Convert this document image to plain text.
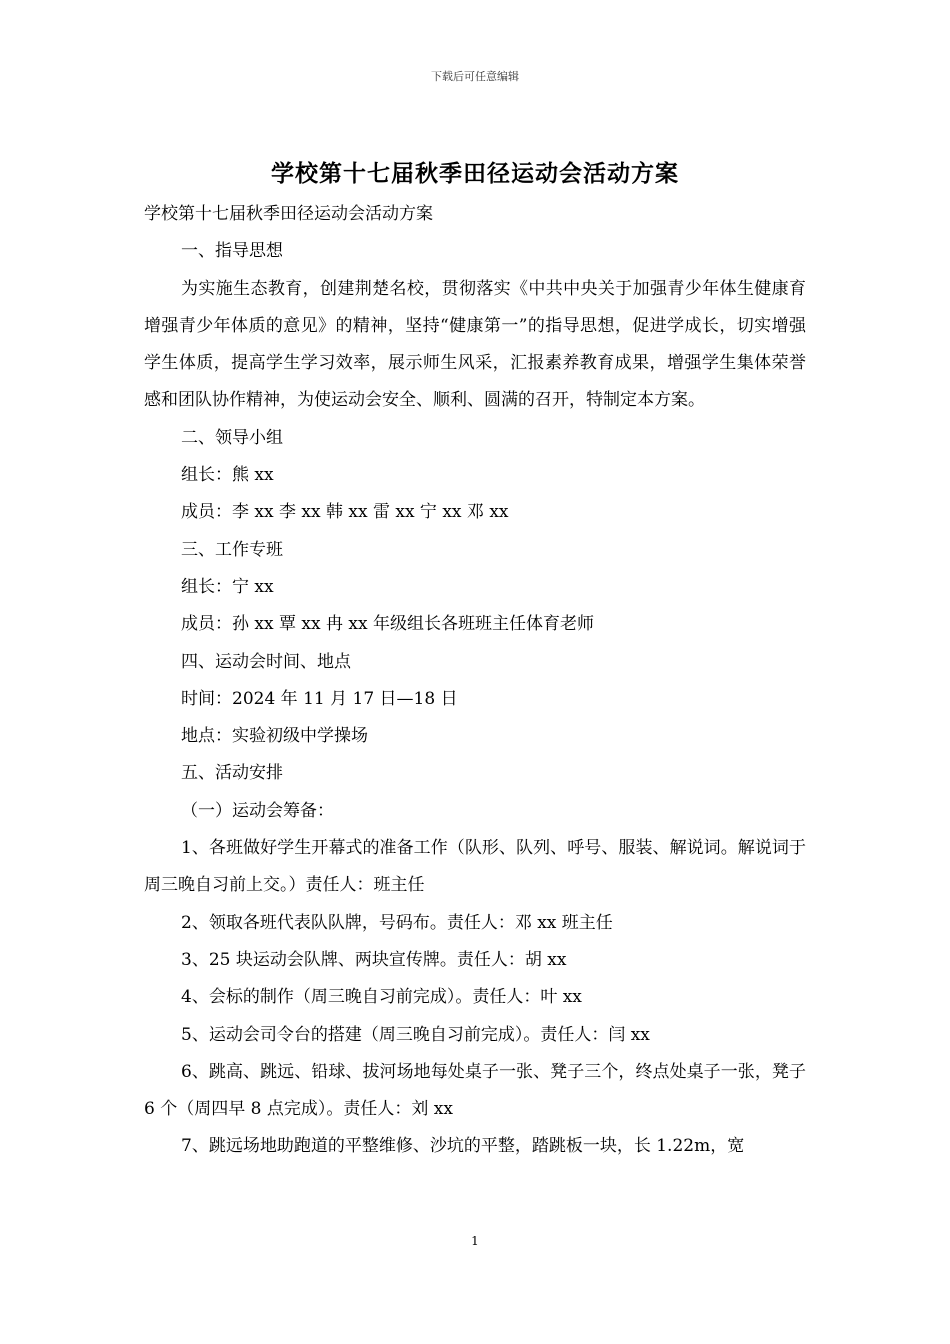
下载后可任意编辑
学校第十七届秋季田径运动会活动方案

学校第十七届秋季田径运动会活动方案

一、指导思想

为实施生态教育，创建荆楚名校，贯彻落实《中共中央关于加强青少年体生健康育增强青少年体质的意见》的精神，坚持“健康第一”的指导思想，促进学成长，切实增强学生体质，提高学生学习效率，展示师生风采，汇报素养教育成果，增强学生集体荣誉感和团队协作精神，为使运动会安全、顺利、圆满的召开，特制定本方案。

二、领导小组

组长：熊 xx

成员：李 xx 李 xx 韩 xx 雷 xx 宁 xx 邓 xx

三、工作专班

组长：宁 xx

成员：孙 xx 覃 xx 冉 xx 年级组长各班班主任体育老师

四、运动会时间、地点

时间：2024 年 11 月 17 日—18 日

地点：实验初级中学操场

五、活动安排

（一）运动会筹备：

1、各班做好学生开幕式的准备工作（队形、队列、呼号、服装、解说词。解说词于周三晚自习前上交。）责任人：班主任

2、领取各班代表队队牌，号码布。责任人：邓 xx 班主任

3、25 块运动会队牌、两块宣传牌。责任人：胡 xx

4、会标的制作（周三晚自习前完成）。责任人：叶 xx

5、运动会司令台的搭建（周三晚自习前完成）。责任人：闫 xx

6、跳高、跳远、铅球、拔河场地每处桌子一张、凳子三个，终点处桌子一张，凳子 6 个（周四早 8 点完成）。责任人：刘 xx

7、跳远场地助跑道的平整维修、沙坑的平整，踏跳板一块，长 1.22m，宽

1
